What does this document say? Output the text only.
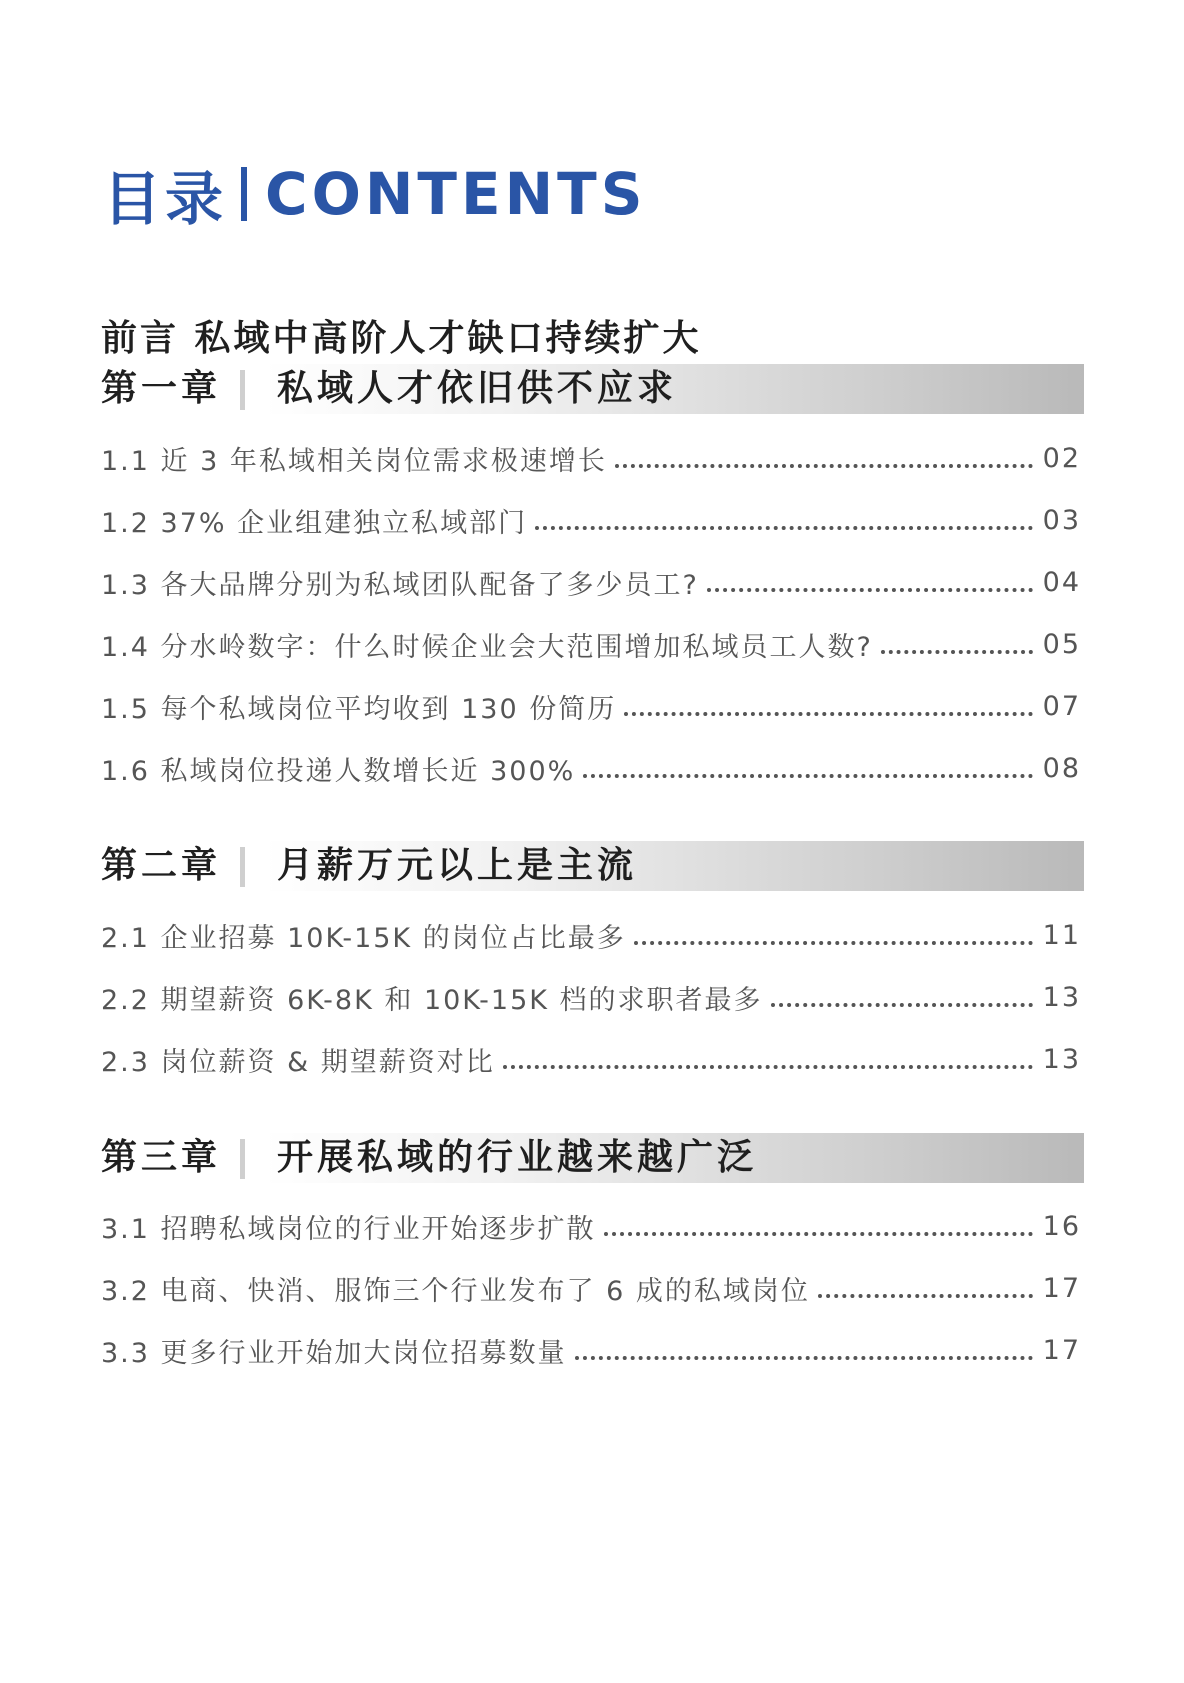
目录 CONTENTS
前言 私域中高阶人才缺口持续扩大
第一章 私域人才依旧供不应求
1.1 近 3 年私域相关岗位需求极速增长	02
1.2 37% 企业组建独立私域部门	03
1.3 各大品牌分别为私域团队配备了多少员工?	04
1.4 分水岭数字：什么时候企业会大范围增加私域员工人数?	05
1.5 每个私域岗位平均收到 130 份简历	07
1.6 私域岗位投递人数增长近 300%	08
第二章 月薪万元以上是主流
2.1 企业招募 10K-15K 的岗位占比最多	11
2.2 期望薪资 6K-8K 和 10K-15K 档的求职者最多	13
2.3 岗位薪资 & 期望薪资对比	13
第三章 开展私域的行业越来越广泛
3.1 招聘私域岗位的行业开始逐步扩散	16
3.2 电商、快消、服饰三个行业发布了 6 成的私域岗位	17
3.3 更多行业开始加大岗位招募数量	17
